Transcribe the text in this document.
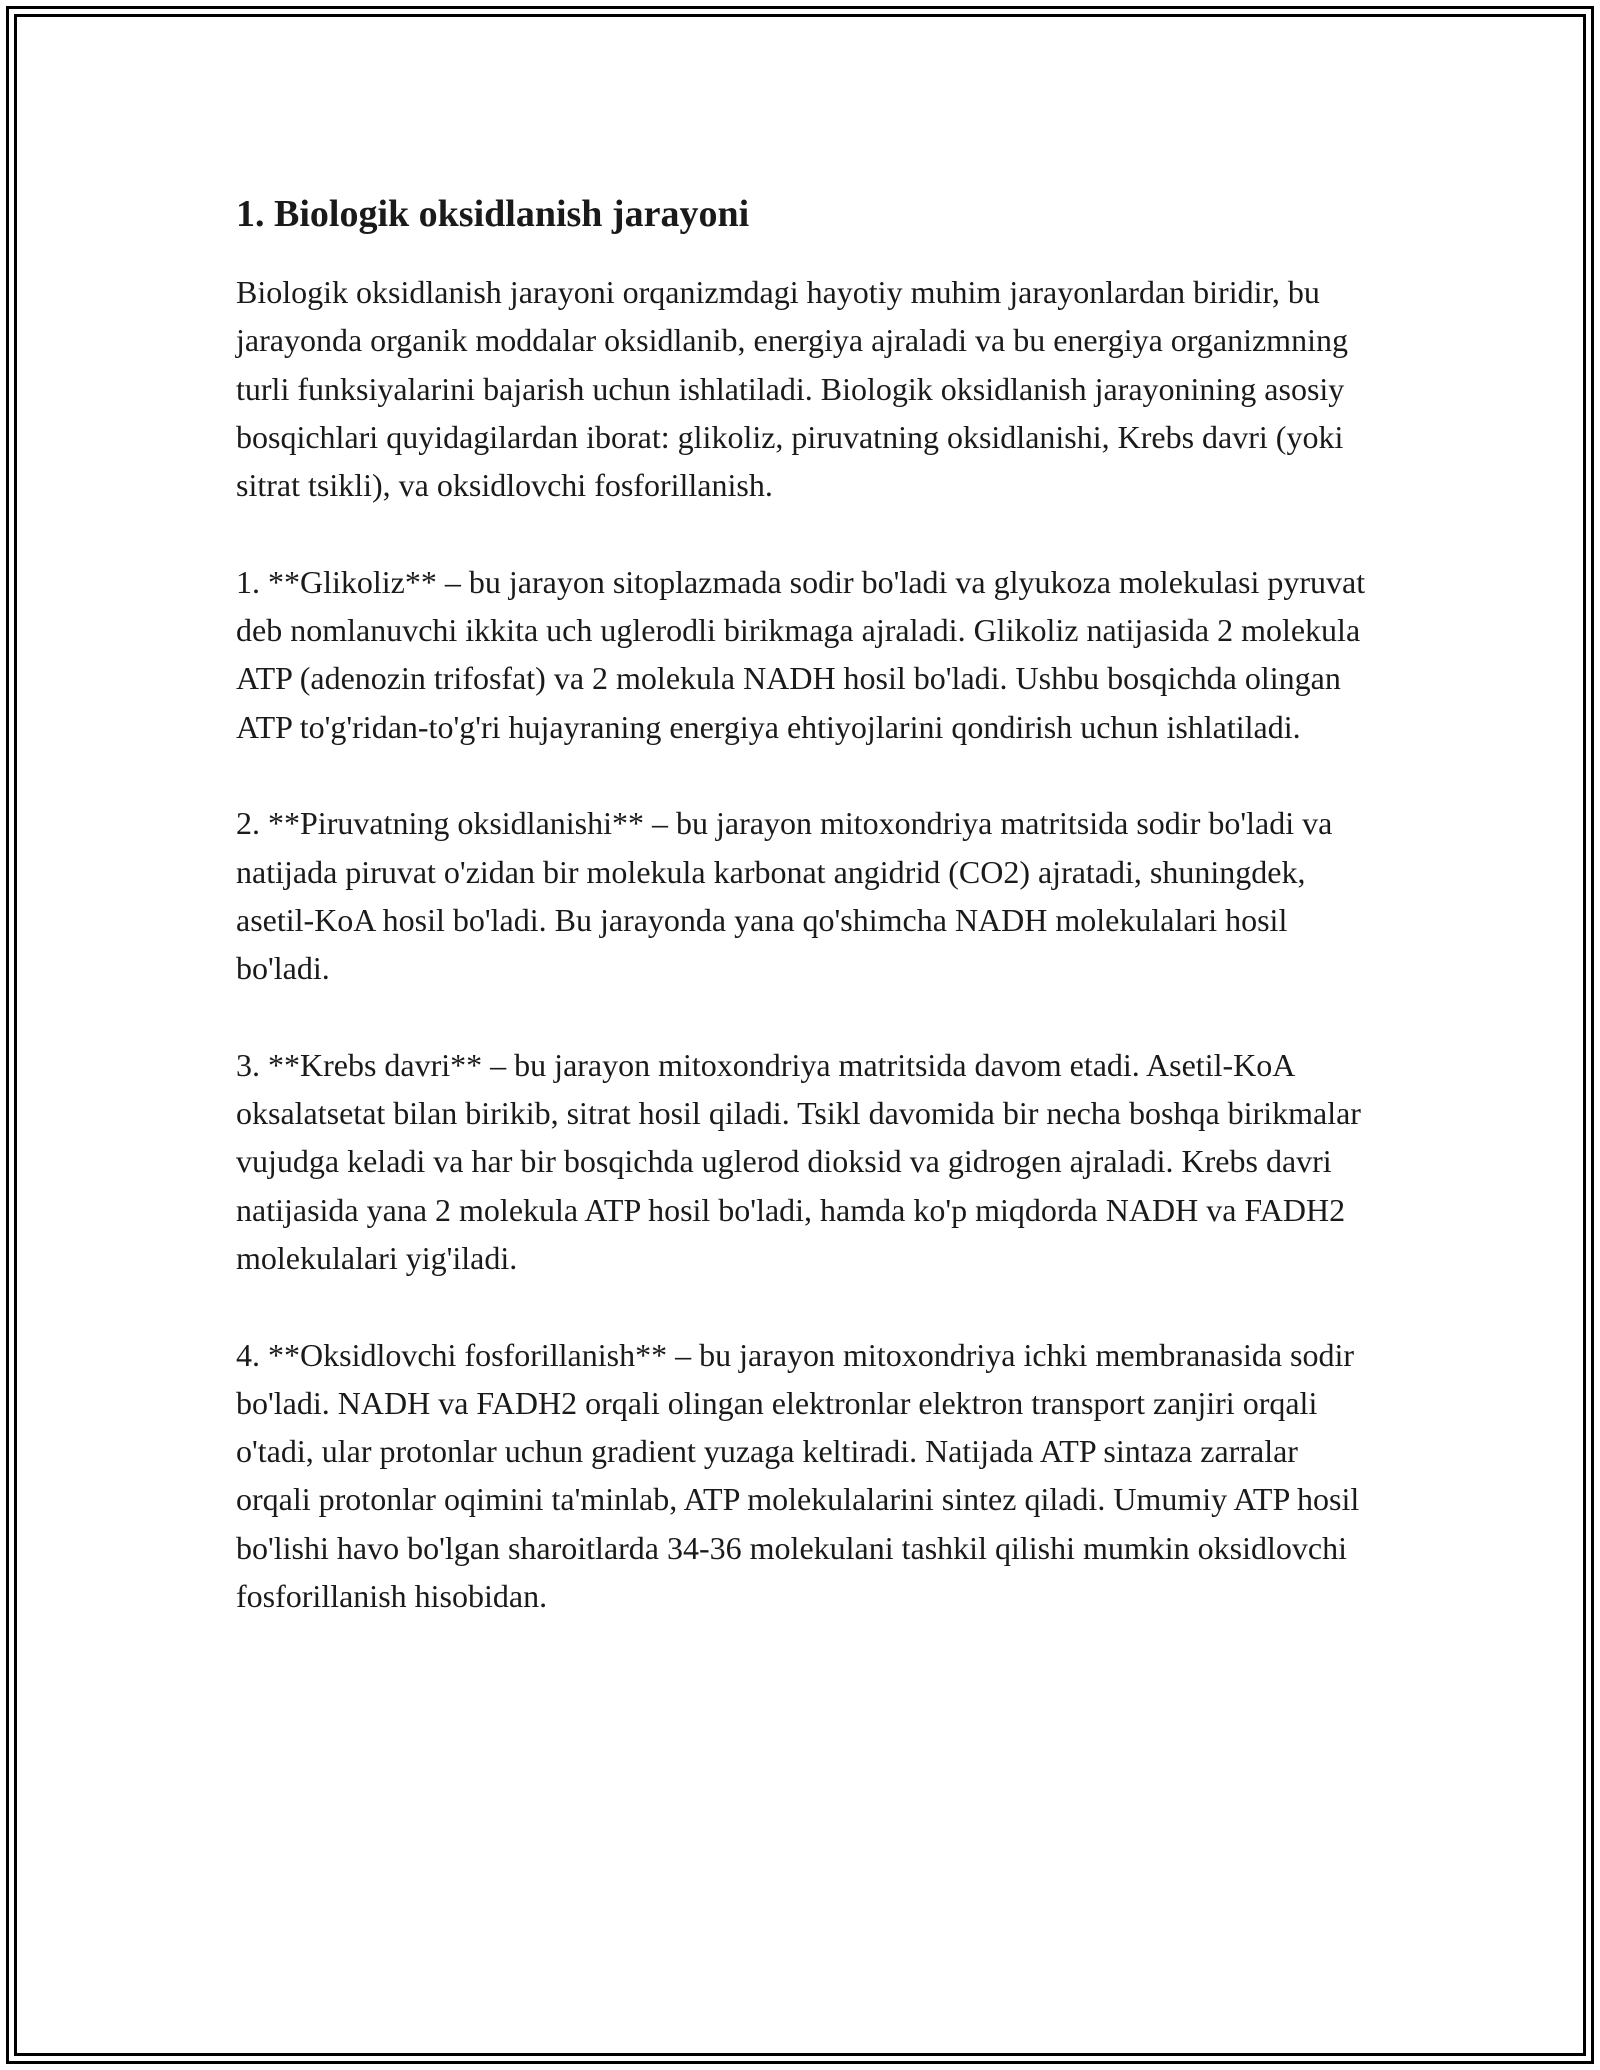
1. Biologik oksidlanish jarayoni

Biologik oksidlanish jarayoni orqanizmdagi hayotiy muhim jarayonlardan biridir, bu jarayonda organik moddalar oksidlanib, energiya ajraladi va bu energiya organizmning turli funksiyalarini bajarish uchun ishlatiladi. Biologik oksidlanish jarayonining asosiy bosqichlari quyidagilardan iborat: glikoliz, piruvatning oksidlanishi, Krebs davri (yoki sitrat tsikli), va oksidlovchi fosforillanish.

1. **Glikoliz** – bu jarayon sitoplazmada sodir bo'ladi va glyukoza molekulasi pyruvat deb nomlanuvchi ikkita uch uglerodli birikmaga ajraladi. Glikoliz natijasida 2 molekula ATP (adenozin trifosfat) va 2 molekula NADH hosil bo'ladi. Ushbu bosqichda olingan ATP to'g'ridan-to'g'ri hujayraning energiya ehtiyojlarini qondirish uchun ishlatiladi.

2. **Piruvatning oksidlanishi** – bu jarayon mitoxondriya matritsida sodir bo'ladi va natijada piruvat o'zidan bir molekula karbonat angidrid (CO2) ajratadi, shuningdek, asetil-KoA hosil bo'ladi. Bu jarayonda yana qo'shimcha NADH molekulalari hosil bo'ladi.

3. **Krebs davri** – bu jarayon mitoxondriya matritsida davom etadi. Asetil-KoA oksalatsetat bilan birikib, sitrat hosil qiladi. Tsikl davomida bir necha boshqa birikmalar vujudga keladi va har bir bosqichda uglerod dioksid va gidrogen ajraladi. Krebs davri natijasida yana 2 molekula ATP hosil bo'ladi, hamda ko'p miqdorda NADH va FADH2 molekulalari yig'iladi.

4. **Oksidlovchi fosforillanish** – bu jarayon mitoxondriya ichki membranasida sodir bo'ladi. NADH va FADH2 orqali olingan elektronlar elektron transport zanjiri orqali o'tadi, ular protonlar uchun gradient yuzaga keltiradi. Natijada ATP sintaza zarralar orqali protonlar oqimini ta'minlab, ATP molekulalarini sintez qiladi. Umumiy ATP hosil bo'lishi havo bo'lgan sharoitlarda 34-36 molekulani tashkil qilishi mumkin oksidlovchi fosforillanish hisobidan.
